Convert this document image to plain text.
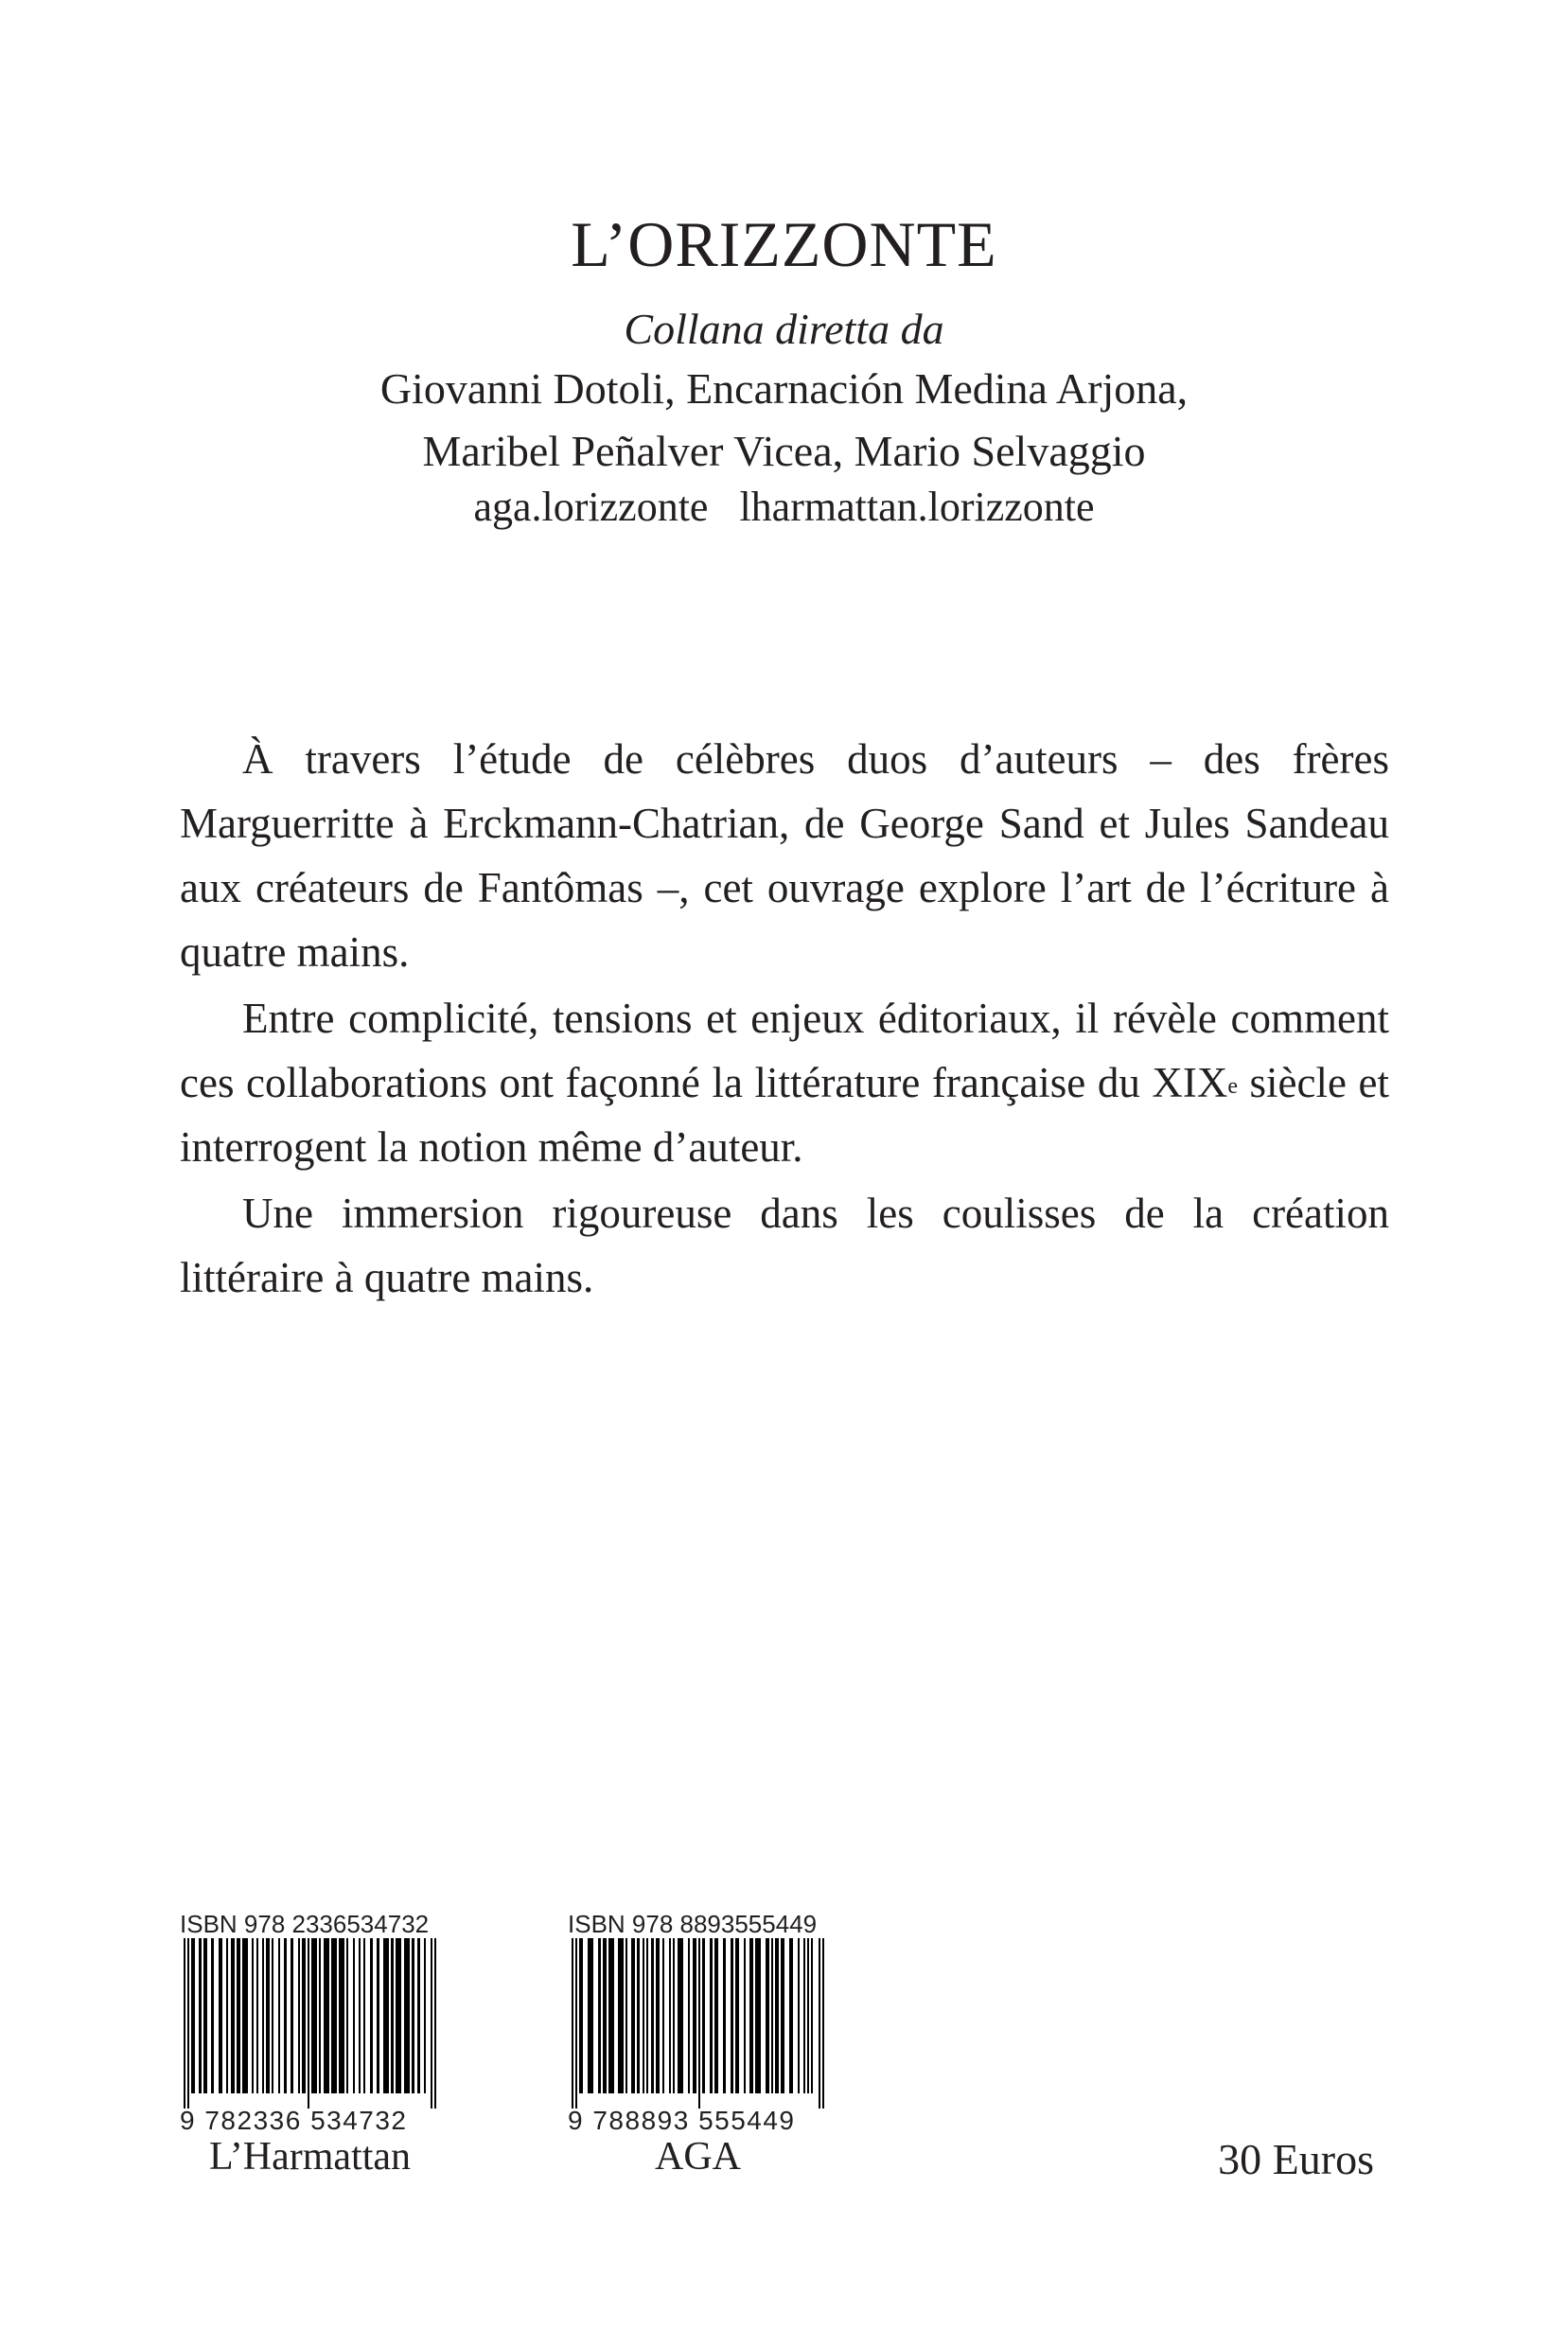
L’ORIZZONTE
Collana diretta da
Giovanni Dotoli, Encarnación Medina Arjona,
Maribel Peñalver Vicea, Mario Selvaggio
aga.lorizzonte lharmattan.lorizzonte

À travers l’étude de célèbres duos d’auteurs – des frères Marguerritte à Erckmann-Chatrian, de George Sand et Jules Sandeau aux créateurs de Fantômas –, cet ouvrage explore l’art de l’écriture à quatre mains.

Entre complicité, tensions et enjeux éditoriaux, il révèle comment ces collaborations ont façonné la littérature française du XIXe siècle et interrogent la notion même d’auteur.

Une immersion rigoureuse dans les coulisses de la création littéraire à quatre mains.

ISBN 978 2336534732
9 782336 534732
L’Harmattan
ISBN 978 8893555449
9 788893 555449
AGA	30 Euros
